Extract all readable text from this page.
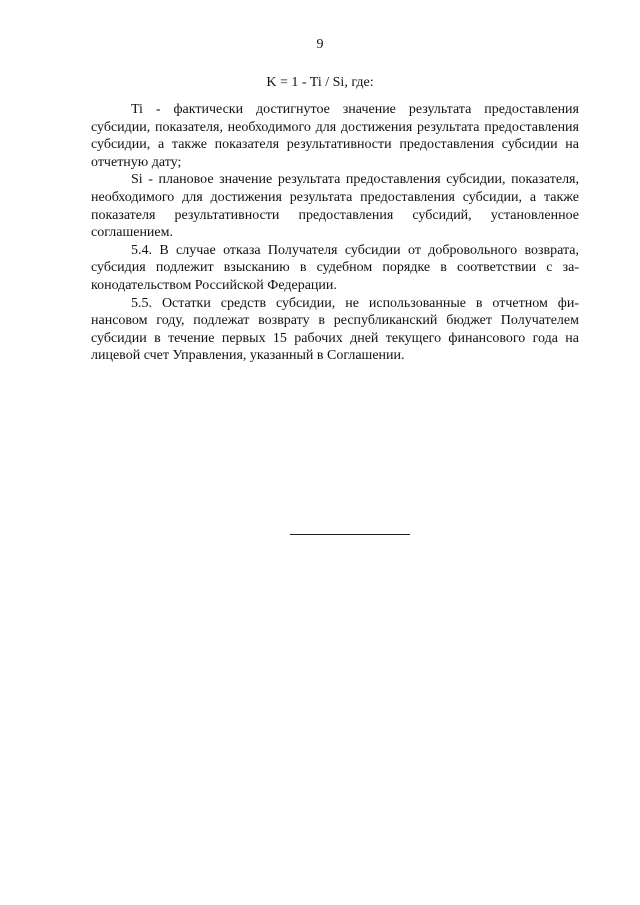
9
K = 1 - Ti / Si, где:

Ti - фактически достигнутое значение результата предоставления субсидии, показателя, необходимого для достижения результата предоставления субсидии, а также показателя результативности предоставления субсидии на отчетную дату;

Si - плановое значение результата предоставления субсидии, показателя, необходимого для достижения результата предоставления субсидии, а также показателя результативности предоставления субсидий, установленное соглашением.

5.4. В случае отказа Получателя субсидии от добровольного возврата, субсидия подлежит взысканию в судебном порядке в соответствии с законодательством Российской Федерации.

5.5. Остатки средств субсидии, не использованные в отчетном финансовом году, подлежат возврату в республиканский бюджет Получателем субсидии в течение первых 15 рабочих дней текущего финансового года на лицевой счет Управления, указанный в Соглашении.
